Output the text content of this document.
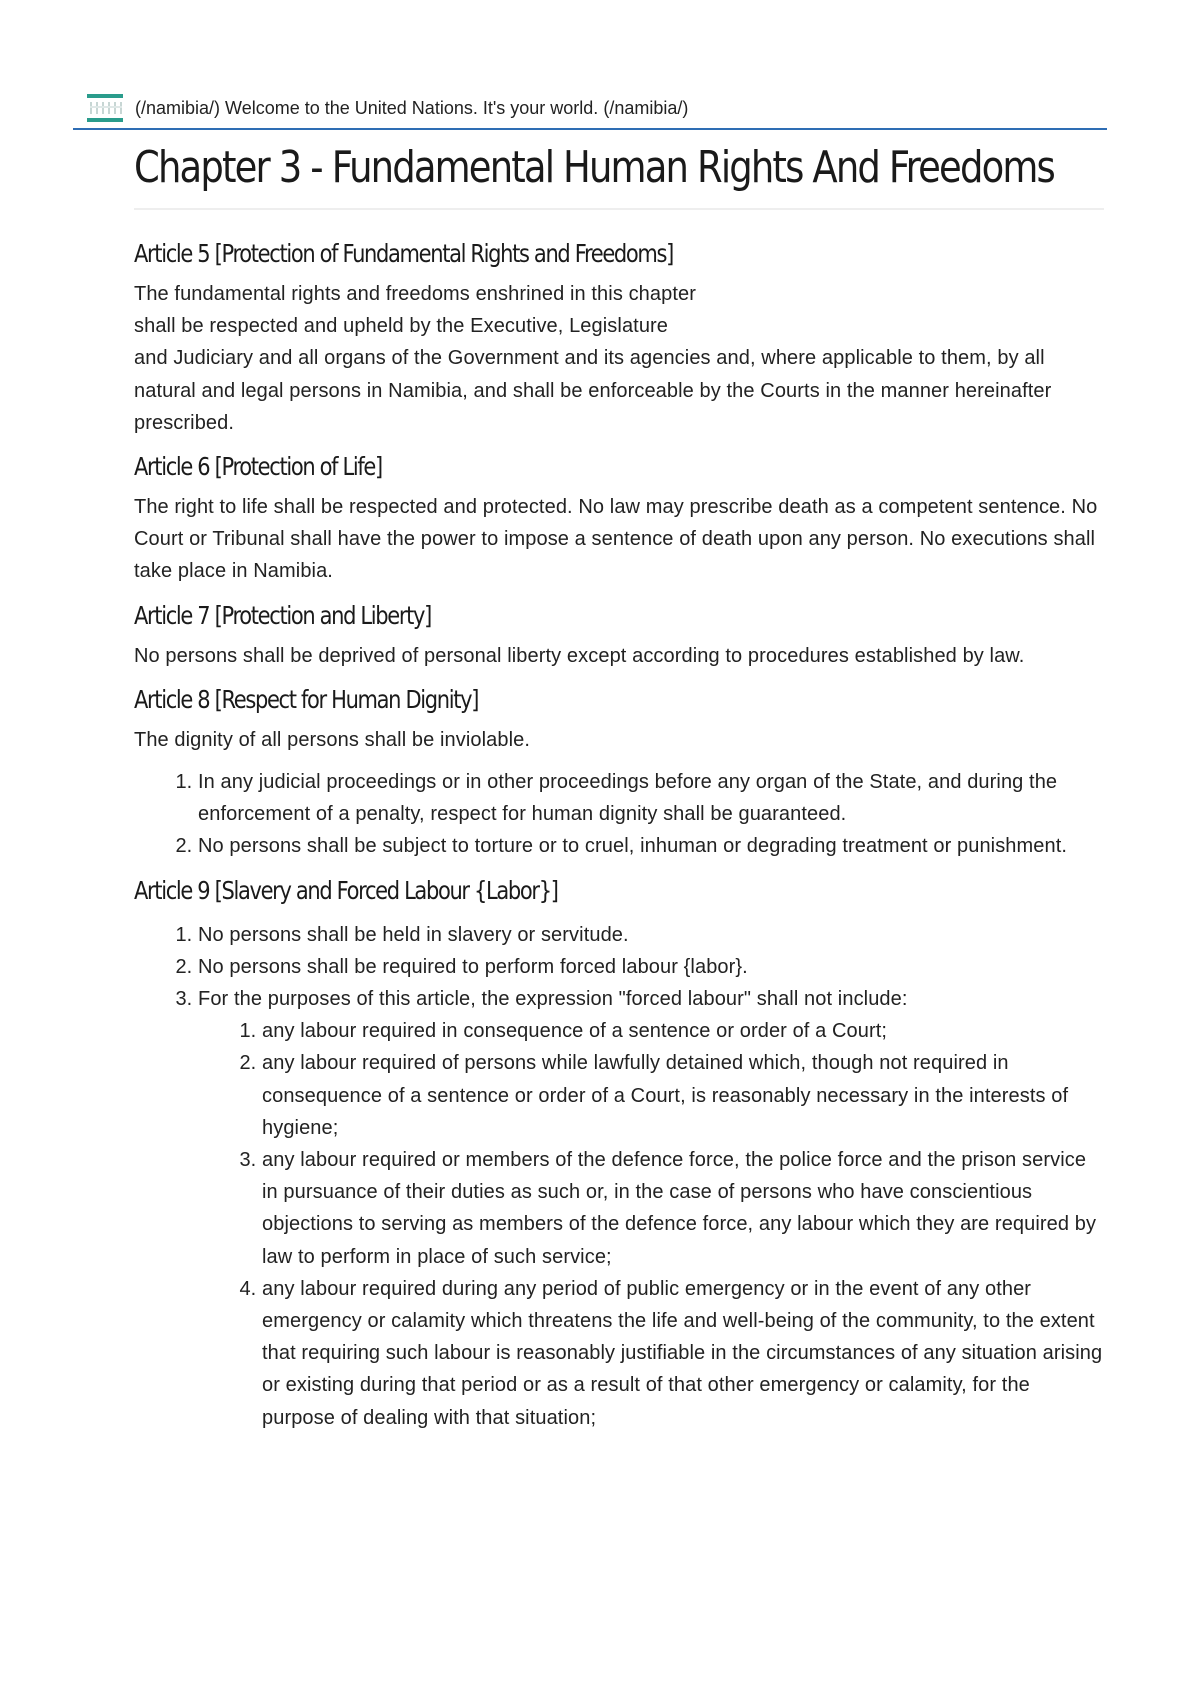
(/namibia/) Welcome to the United Nations. It's your world. (/namibia/)
Chapter 3 - Fundamental Human Rights And Freedoms
Article 5 [Protection of Fundamental Rights and Freedoms]

The fundamental rights and freedoms enshrined in this chapter
shall be respected and upheld by the Executive, Legislature
and Judiciary and all organs of the Government and its agencies and, where applicable to them, by all natural and legal persons in Namibia, and shall be enforceable by the Courts in the manner hereinafter prescribed.

Article 6 [Protection of Life]

The right to life shall be respected and protected. No law may prescribe death as a competent sentence. No Court or Tribunal shall have the power to impose a sentence of death upon any person. No executions shall take place in Namibia.

Article 7 [Protection and Liberty]

No persons shall be deprived of personal liberty except according to procedures established by law.

Article 8 [Respect for Human Dignity]

The dignity of all persons shall be inviolable.

1. In any judicial proceedings or in other proceedings before any organ of the State, and during the enforcement of a penalty, respect for human dignity shall be guaranteed.
2. No persons shall be subject to torture or to cruel, inhuman or degrading treatment or punishment.
Article 9 [Slavery and Forced Labour {Labor}]
1. No persons shall be held in slavery or servitude.
2. No persons shall be required to perform forced labour {labor}.
3. For the purposes of this article, the expression "forced labour" shall not include:
1. any labour required in consequence of a sentence or order of a Court;
2. any labour required of persons while lawfully detained which, though not required in consequence of a sentence or order of a Court, is reasonably necessary in the interests of hygiene;
3. any labour required or members of the defence force, the police force and the prison service in pursuance of their duties as such or, in the case of persons who have conscientious objections to serving as members of the defence force, any labour which they are required by law to perform in place of such service;
4. any labour required during any period of public emergency or in the event of any other emergency or calamity which threatens the life and well-being of the community, to the extent that requiring such labour is reasonably justifiable in the circumstances of any situation arising or existing during that period or as a result of that other emergency or calamity, for the purpose of dealing with that situation;
